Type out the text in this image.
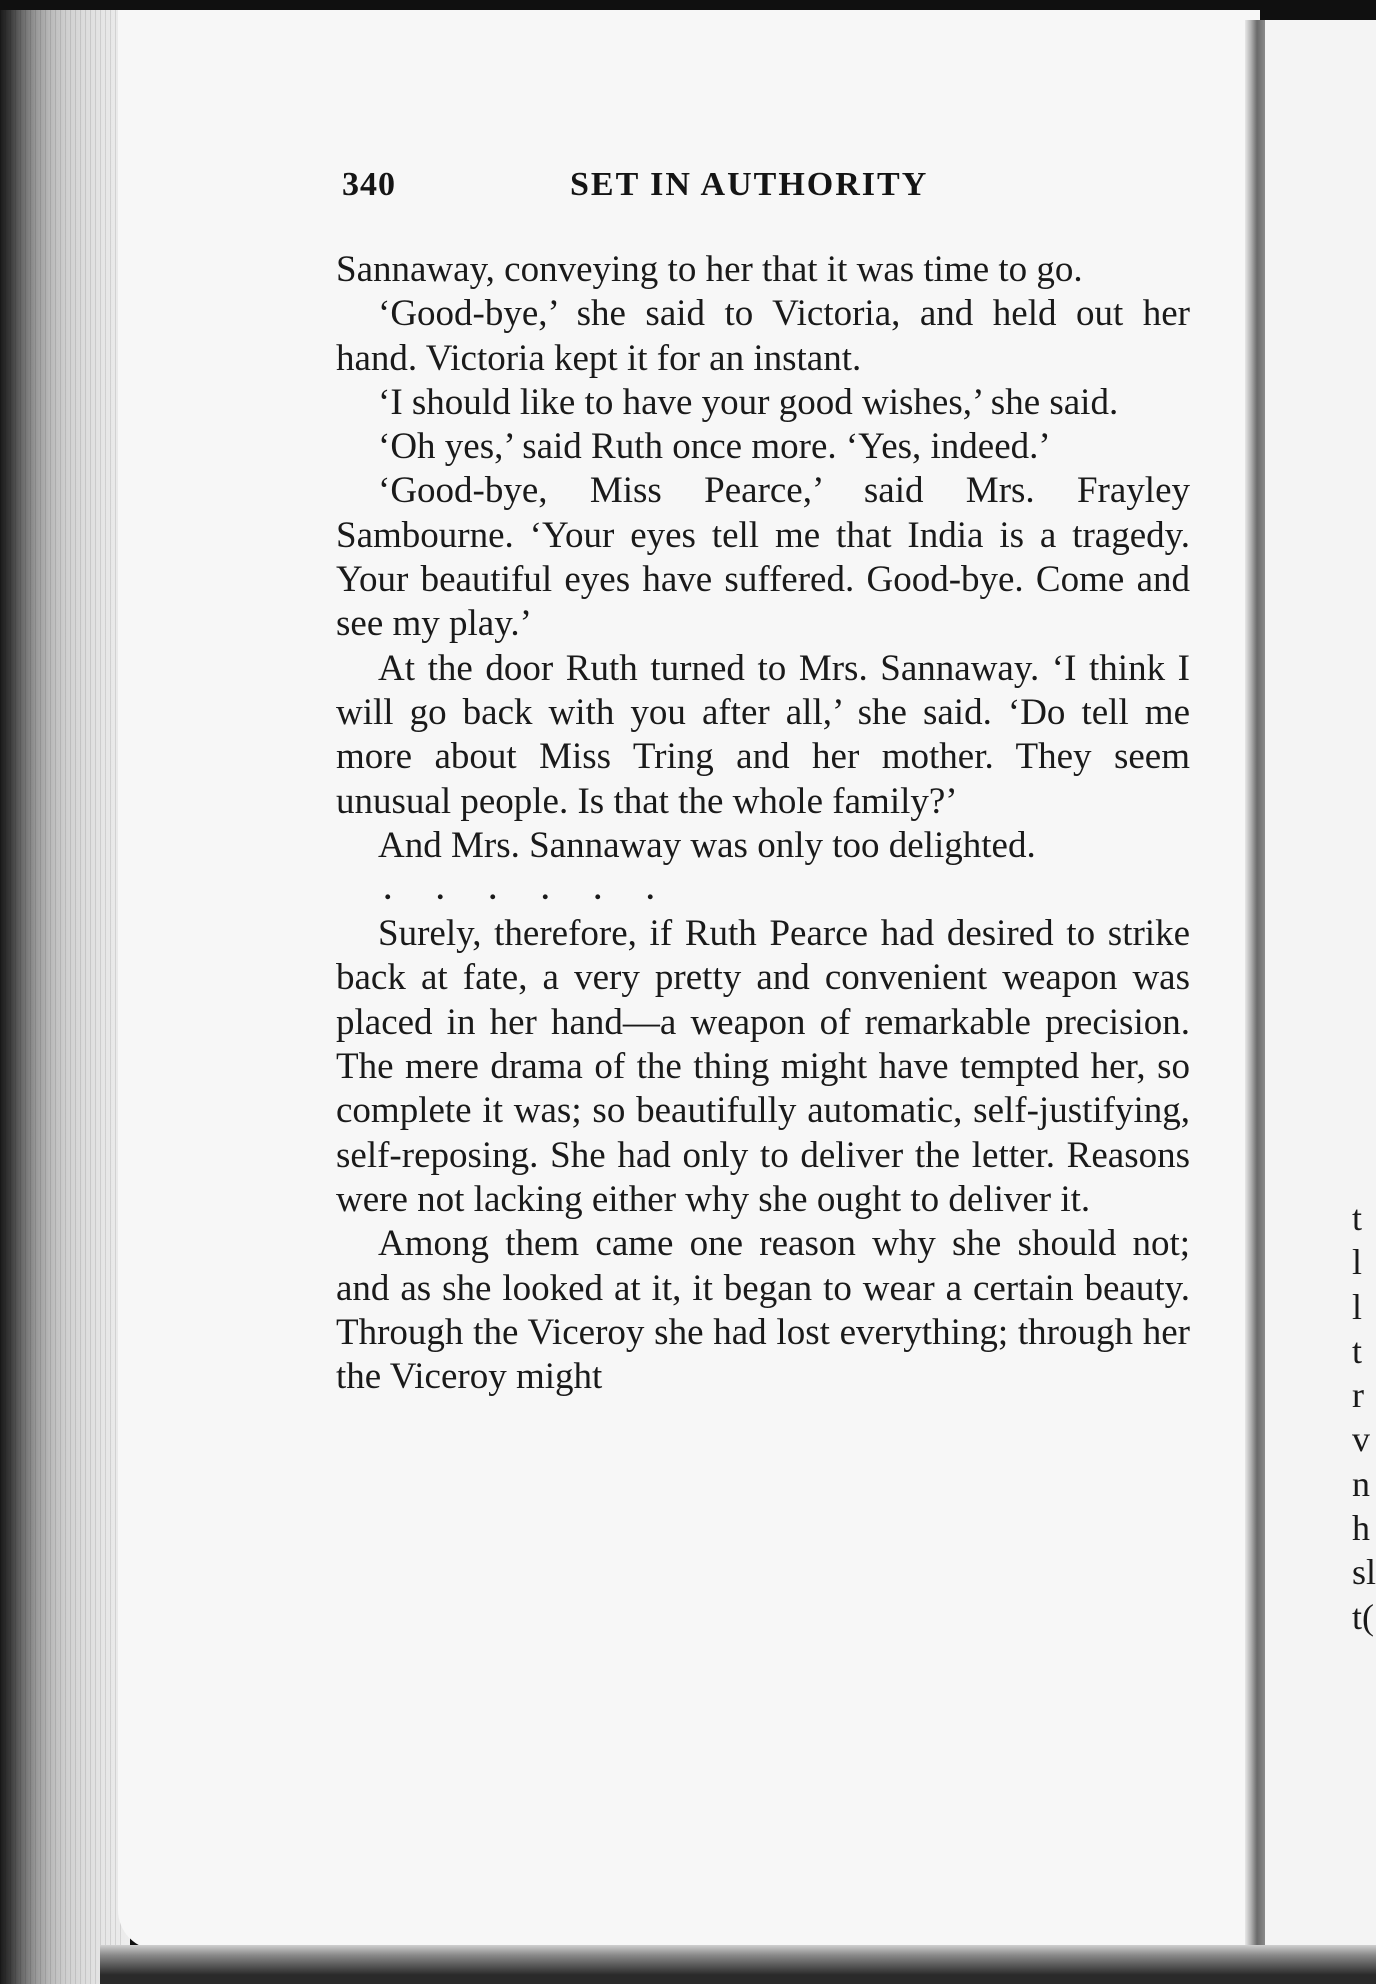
340	SET IN AUTHORITY

Sannaway, conveying to her that it was time to go.

‘Good-bye,’ she said to Victoria, and held out her hand. Victoria kept it for an instant.

‘I should like to have your good wishes,’ she said.

‘Oh yes,’ said Ruth once more. ‘Yes, indeed.’

‘Good-bye, Miss Pearce,’ said Mrs. Frayley Sambourne. ‘Your eyes tell me that India is a tragedy. Your beautiful eyes have suffered. Good-bye. Come and see my play.’

At the door Ruth turned to Mrs. Sannaway. ‘I think I will go back with you after all,’ she said. ‘Do tell me more about Miss Tring and her mother. They seem unusual people. Is that the whole family?’

And Mrs. Sannaway was only too delighted.

.      .      .      .      .      .

Surely, therefore, if Ruth Pearce had desired to strike back at fate, a very pretty and convenient weapon was placed in her hand—a weapon of remarkable precision. The mere drama of the thing might have tempted her, so complete it was; so beautifully automatic, self-justifying, self-reposing. She had only to deliver the letter. Reasons were not lacking either why she ought to deliver it.

Among them came one reason why she should not; and as she looked at it, it began to wear a certain beauty. Through the Viceroy she had lost everything; through her the Viceroy might

t
l
l
t
r
v
n
h
sl
t(
